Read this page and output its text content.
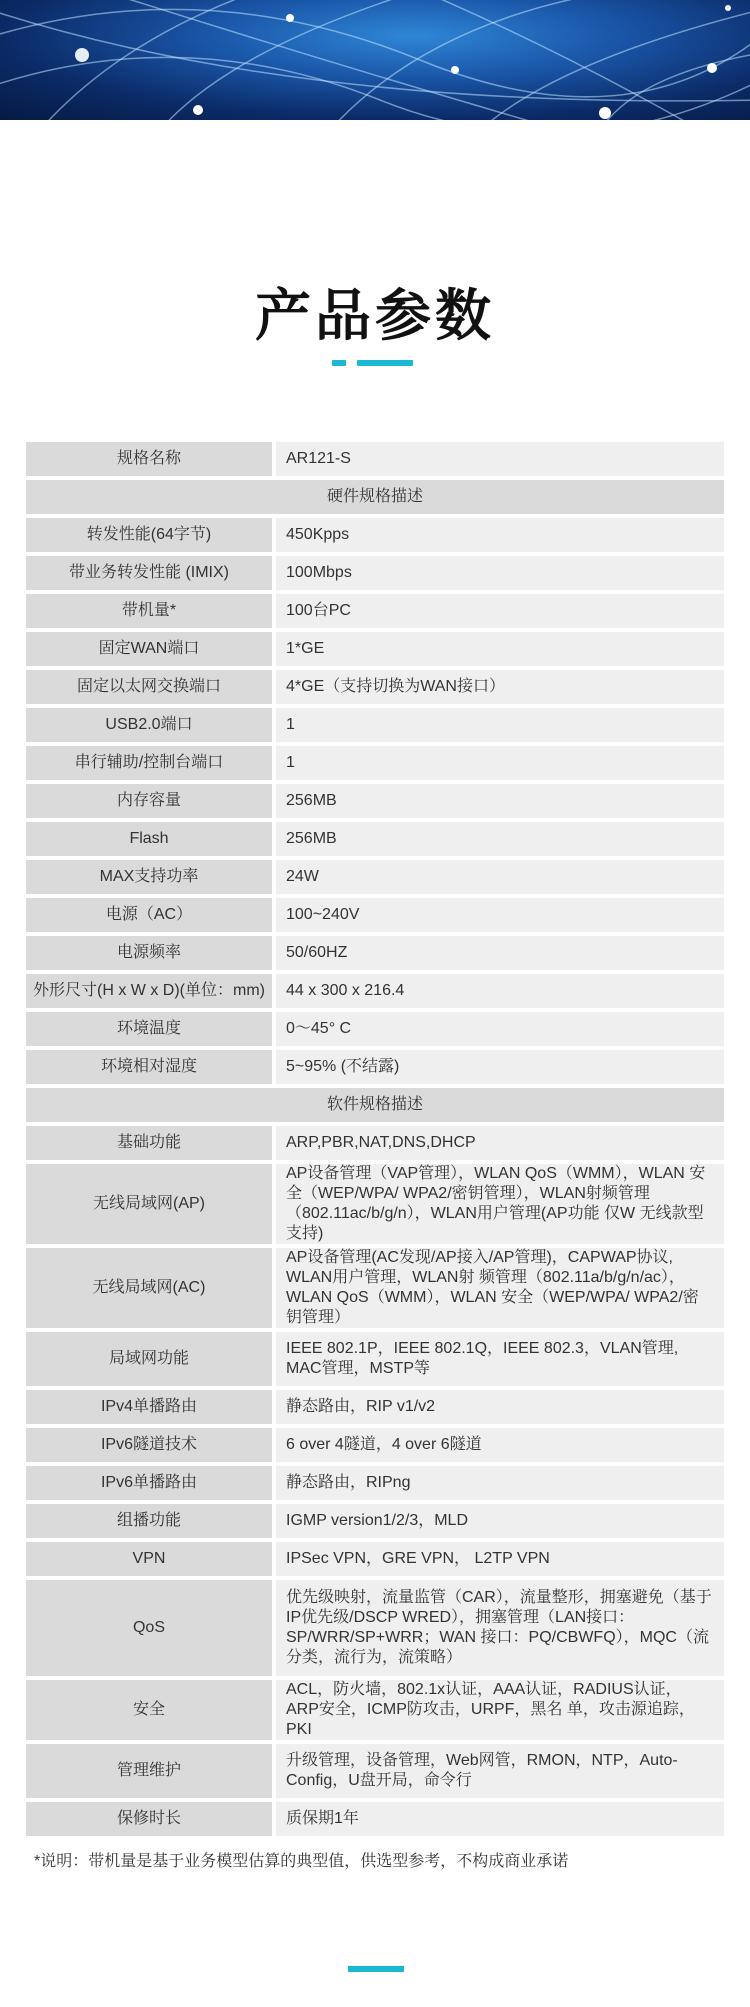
产品参数
规格名称	AR121-S
硬件规格描述	
转发性能(64字节)	450Kpps
带业务转发性能 (IMIX)	100Mbps
带机量*	100台PC
固定WAN端口	1*GE
固定以太网交换端口	4*GE（支持切换为WAN接口）
USB2.0端口	1
串行辅助/控制台端口	1
内存容量	256MB
Flash	256MB
MAX支持功率	24W
电源（AC）	100~240V
电源频率	50/60HZ
外形尺寸(H x W x D)(单位：mm)	44 x 300 x 216.4
环境温度	0～45° C
环境相对湿度	5~95% (不结露)
软件规格描述	
基础功能	ARP,PBR,NAT,DNS,DHCP
无线局域网(AP)	AP设备管理（VAP管理），WLAN QoS（WMM），WLAN 安全（WEP/WPA/ WPA2/密钥管理），WLAN射频管理（802.11ac/b/g/n），WLAN用户管理(AP功能 仅W 无线款型支持)
无线局域网(AC)	AP设备管理(AC发现/AP接入/AP管理)，CAPWAP协议, WLAN用户管理，WLAN射 频管理（802.11a/b/g/n/ac），WLAN QoS（WMM），WLAN 安全（WEP/WPA/ WPA2/密钥管理）
局域网功能	IEEE 802.1P，IEEE 802.1Q，IEEE 802.3，VLAN管理, MAC管理，MSTP等
IPv4单播路由	静态路由，RIP v1/v2
IPv6隧道技术	6 over 4隧道，4 over 6隧道
IPv6单播路由	静态路由，RIPng
组播功能	IGMP version1/2/3，MLD
VPN	IPSec VPN，GRE VPN， L2TP VPN
QoS	优先级映射，流量监管（CAR），流量整形，拥塞避免（基于IP优先级/DSCP WRED），拥塞管理（LAN接口：SP/WRR/SP+WRR；WAN 接口：PQ/CBWFQ），MQC（流分类，流行为，流策略）
安全	ACL，防火墙，802.1x认证，AAA认证，RADIUS认证，ARP安全，ICMP防攻击，URPF，黑名 单，攻击源追踪，PKI
管理维护	升级管理，设备管理，Web网管，RMON，NTP，Auto-Config，U盘开局，命令行
保修时长	质保期1年
*说明：带机量是基于业务模型估算的典型值，供选型参考，不构成商业承诺
